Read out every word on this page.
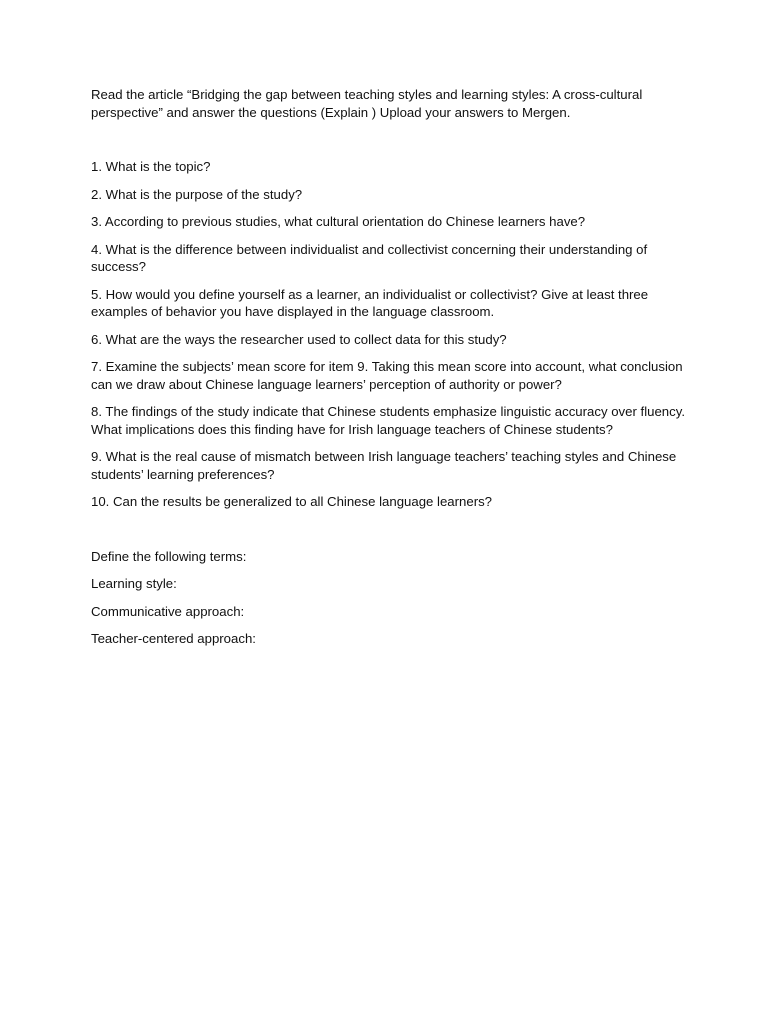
Read the article “Bridging the gap between teaching styles and learning styles: A cross-cultural perspective” and answer the questions (Explain ) Upload your answers to Mergen.

1. What is the topic?

2. What is the purpose of the study?

3. According to previous studies, what cultural orientation do Chinese learners have?

4. What is the difference between individualist and collectivist concerning their understanding of success?

5. How would you define yourself as a learner, an individualist or collectivist? Give at least three examples of behavior you have displayed in the language classroom.

6. What are the ways the researcher used to collect data for this study?

7. Examine the subjects’ mean score for item 9. Taking this mean score into account, what conclusion can we draw about Chinese language learners’ perception of authority or power?

8. The findings of the study indicate that Chinese students emphasize linguistic accuracy over fluency. What implications does this finding have for Irish language teachers of Chinese students?

9. What is the real cause of mismatch between Irish language teachers’ teaching styles and Chinese students’ learning preferences?

10. Can the results be generalized to all Chinese language learners?

Define the following terms:

Learning style:

Communicative approach:

Teacher-centered approach:
